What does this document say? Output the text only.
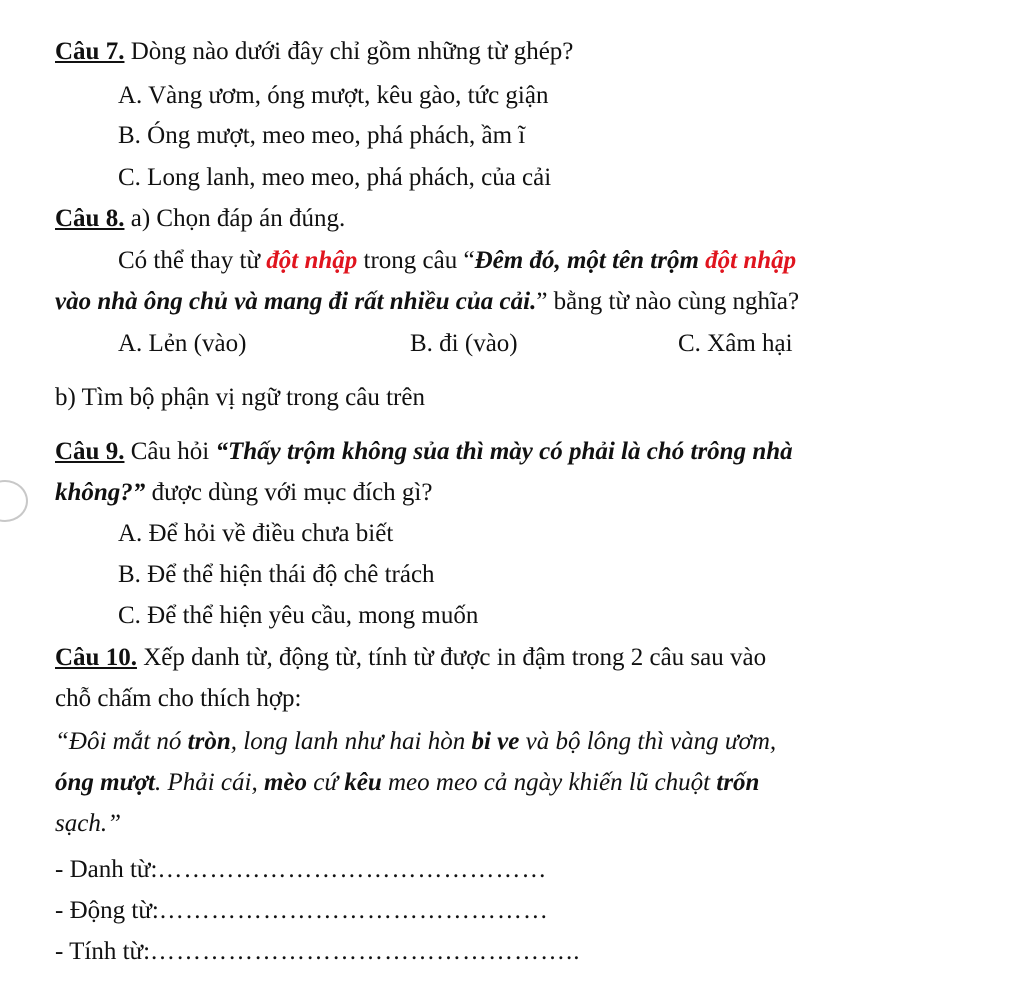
Câu 7. Dòng nào dưới đây chỉ gồm những từ ghép?
A. Vàng ươm, óng mượt, kêu gào, tức giận
B. Óng mượt, meo meo, phá phách, ầm ĩ
C. Long lanh, meo meo, phá phách, của cải
Câu 8. a) Chọn đáp án đúng.
Có thể thay từ đột nhập trong câu “Đêm đó, một tên trộm đột nhập
vào nhà ông chủ và mang đi rất nhiều của cải.” bằng từ nào cùng nghĩa?
A. Lẻn (vào)	B. đi (vào)	C. Xâm hại
b) Tìm bộ phận vị ngữ trong câu trên
Câu 9. Câu hỏi “Thấy trộm không sủa thì mày có phải là chó trông nhà
không?” được dùng với mục đích gì?
A. Để hỏi về điều chưa biết
B. Để thể hiện thái độ chê trách
C. Để thể hiện yêu cầu, mong muốn
Câu 10. Xếp danh từ, động từ, tính từ được in đậm trong 2 câu sau vào
chỗ chấm cho thích hợp:
“Đôi mắt nó tròn, long lanh như hai hòn bi ve và bộ lông thì vàng ươm,
óng mượt. Phải cái, mèo cứ kêu meo meo cả ngày khiến lũ chuột trốn
sạch.”
- Danh từ:………………………………………
- Động từ:………………………………………
- Tính từ:…………………………………………..
